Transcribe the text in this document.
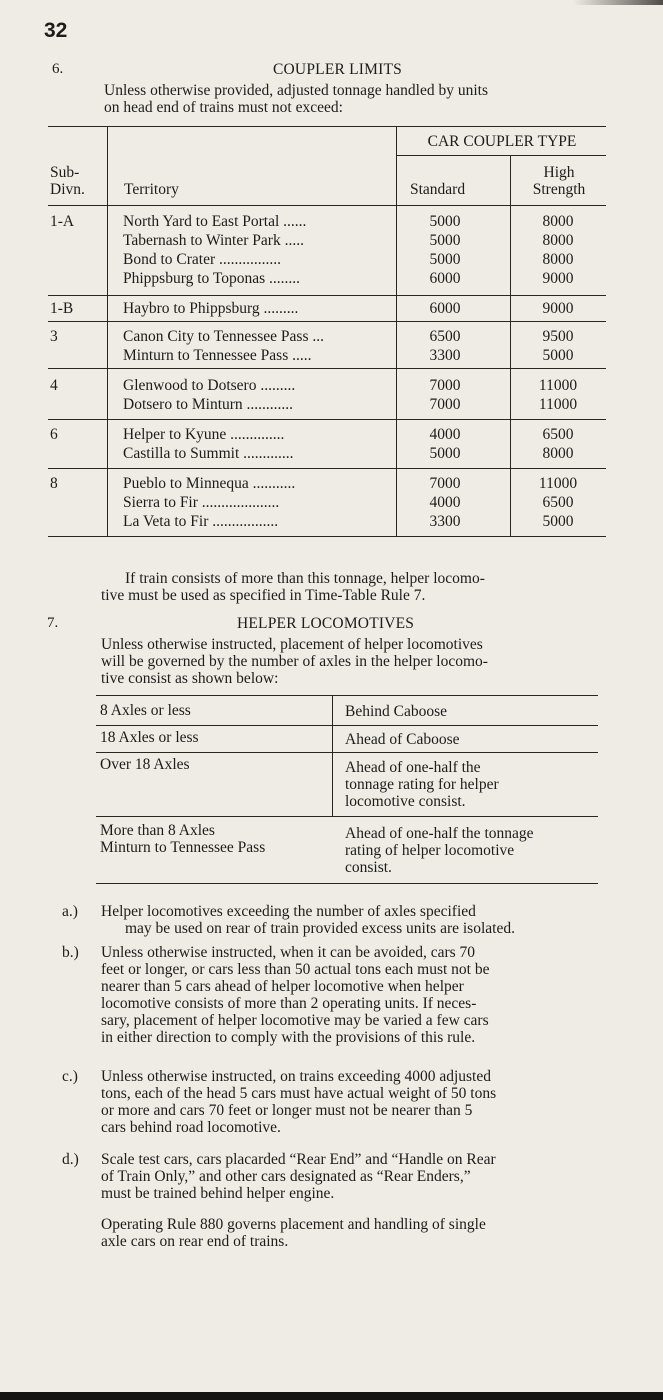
32
6.	COUPLER LIMITS
Unless otherwise provided, adjusted tonnage handled by units
on head end of trains must not exceed:
CAR COUPLER TYPE
Sub-
Divn.	Territory	Standard
High
Strength
1-A	North Yard to East Portal ......	5000	8000
Tabernash to Winter Park .....	5000	8000
Bond to Crater ................	5000	8000
Phippsburg to Toponas ........	6000	9000
1-B	Haybro to Phippsburg .........	6000	9000
3	Canon City to Tennessee Pass ...	6500	9500
Minturn to Tennessee Pass .....	3300	5000
4	Glenwood to Dotsero .........	7000	11000
Dotsero to Minturn ............	7000	11000
6	Helper to Kyune ..............	4000	6500
Castilla to Summit .............	5000	8000
8	Pueblo to Minnequa ...........	7000	11000
Sierra to Fir ....................	4000	6500
La Veta to Fir .................	3300	5000
If train consists of more than this tonnage, helper locomo-
tive must be used as specified in Time-Table Rule 7.
7.	HELPER LOCOMOTIVES
Unless otherwise instructed, placement of helper locomotives
will be governed by the number of axles in the helper locomo-
tive consist as shown below:
8 Axles or less	Behind Caboose
18 Axles or less	Ahead of Caboose
Over 18 Axles	Ahead of one-half the
tonnage rating for helper
locomotive consist.
More than 8 Axles
Minturn to Tennessee Pass
Ahead of one-half the tonnage
rating of helper locomotive
consist.
a.) Helper locomotives exceeding the number of axles specified
may be used on rear of train provided excess units are isolated.
b.) Unless otherwise instructed, when it can be avoided, cars 70
feet or longer, or cars less than 50 actual tons each must not be
nearer than 5 cars ahead of helper locomotive when helper
locomotive consists of more than 2 operating units. If neces-
sary, placement of helper locomotive may be varied a few cars
in either direction to comply with the provisions of this rule.
c.) Unless otherwise instructed, on trains exceeding 4000 adjusted
tons, each of the head 5 cars must have actual weight of 50 tons
or more and cars 70 feet or longer must not be nearer than 5
cars behind road locomotive.
d.) Scale test cars, cars placarded “Rear End” and “Handle on Rear
of Train Only,” and other cars designated as “Rear Enders,”
must be trained behind helper engine.
Operating Rule 880 governs placement and handling of single
axle cars on rear end of trains.
